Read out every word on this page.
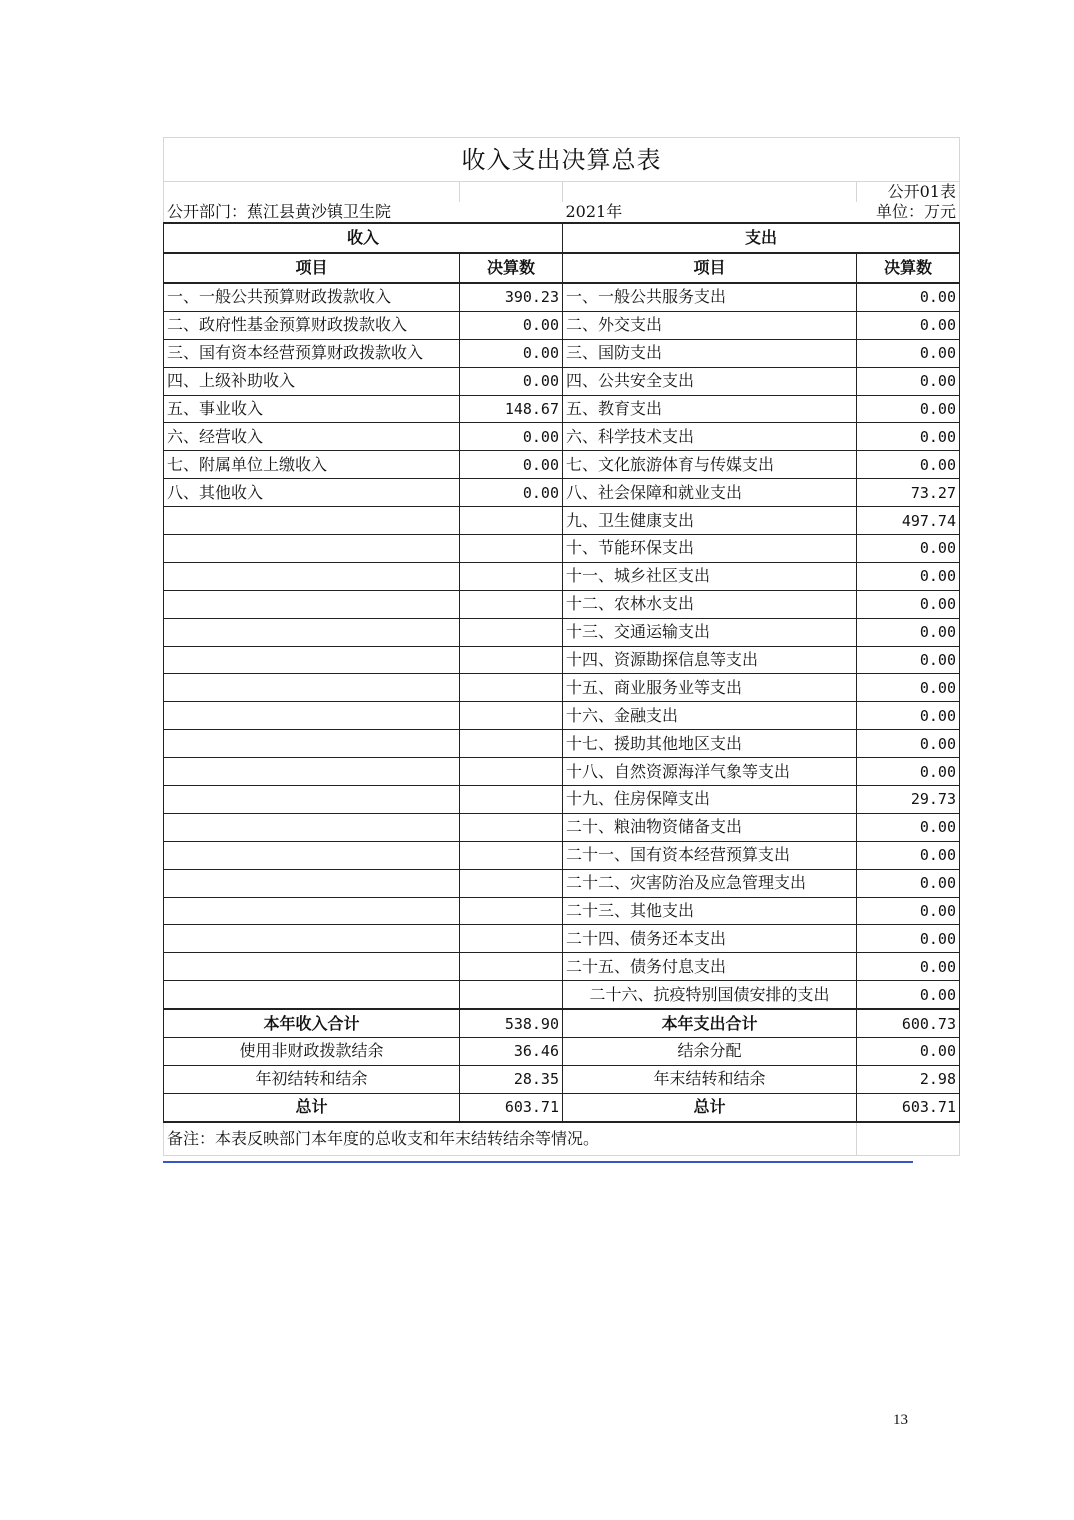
收入支出决算总表			
			公开01表
公开部门：蕉江县黄沙镇卫生院		2021年	单位：万元
收入		支出	
项目	决算数	项目	决算数
一、一般公共预算财政拨款收入	390.23	一、一般公共服务支出	0.00
二、政府性基金预算财政拨款收入	0.00	二、外交支出	0.00
三、国有资本经营预算财政拨款收入	0.00	三、国防支出	0.00
四、上级补助收入	0.00	四、公共安全支出	0.00
五、事业收入	148.67	五、教育支出	0.00
六、经营收入	0.00	六、科学技术支出	0.00
七、附属单位上缴收入	0.00	七、文化旅游体育与传媒支出	0.00
八、其他收入	0.00	八、社会保障和就业支出	73.27
		九、卫生健康支出	497.74
		十、节能环保支出	0.00
		十一、城乡社区支出	0.00
		十二、农林水支出	0.00
		十三、交通运输支出	0.00
		十四、资源勘探信息等支出	0.00
		十五、商业服务业等支出	0.00
		十六、金融支出	0.00
		十七、援助其他地区支出	0.00
		十八、自然资源海洋气象等支出	0.00
		十九、住房保障支出	29.73
		二十、粮油物资储备支出	0.00
		二十一、国有资本经营预算支出	0.00
		二十二、灾害防治及应急管理支出	0.00
		二十三、其他支出	0.00
		二十四、债务还本支出	0.00
		二十五、债务付息支出	0.00
		二十六、抗疫特别国债安排的支出	0.00
本年收入合计	538.90	本年支出合计	600.73
使用非财政拨款结余	36.46	结余分配	0.00
年初结转和结余	28.35	年末结转和结余	2.98
总计	603.71	总计	603.71
备注：本表反映部门本年度的总收支和年末结转结余等情况。			
13
